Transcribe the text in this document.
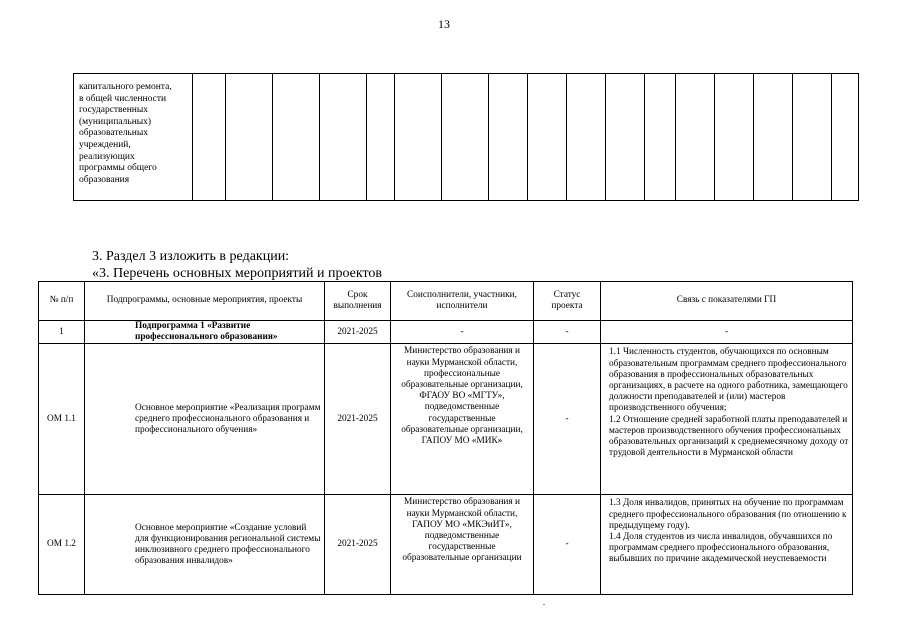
13
капитального ремонта,
в общей численности
государственных
(муниципальных)
образовательных
учреждений,
реализующих
программы общего
образования																	
3. Раздел 3 изложить в редакции:
«3. Перечень основных мероприятий и проектов
№ п/п	Подпрограммы, основные мероприятия, проекты	Срок выполнения	Соисполнители, участники, исполнители	Статус проекта	Связь с показателями ГП
1	Подпрограмма 1 «Развитие профессионального образования»	2021-2025	-	-	-
ОМ 1.1	Основное мероприятие «Реализация программ среднего профессионального образования и профессионального обучения»	2021-2025	Министерство образования и науки Мурманской области, профессиональные образовательные организации, ФГАОУ ВО «МГТУ», подведомственные государственные образовательные организации, ГАПОУ МО «МИК»	-	1.1 Численность студентов, обучающихся по основным образовательным программам среднего профессионального образования в профессиональных образовательных организациях, в расчете на одного работника, замещающего должности преподавателей и (или) мастеров производственного обучения;
1.2 Отношение средней заработной платы преподавателей и мастеров производственного обучения профессиональных образовательных организаций к среднемесячному доходу от трудовой деятельности в Мурманской области
ОМ 1.2	Основное мероприятие «Создание условий для функционирования региональной системы инклюзивного среднего профессионального образования инвалидов»	2021-2025	Министерство образования и науки Мурманской области, ГАПОУ МО «МКЭиИТ», подведомственные государственные образовательные организации	-	1.3 Доля инвалидов, принятых на обучение по программам среднего профессионального образования (по отношению к предыдущему году).
1.4 Доля студентов из числа инвалидов, обучавшихся по программам среднего профессионального образования, выбывших по причине академической неуспеваемости
